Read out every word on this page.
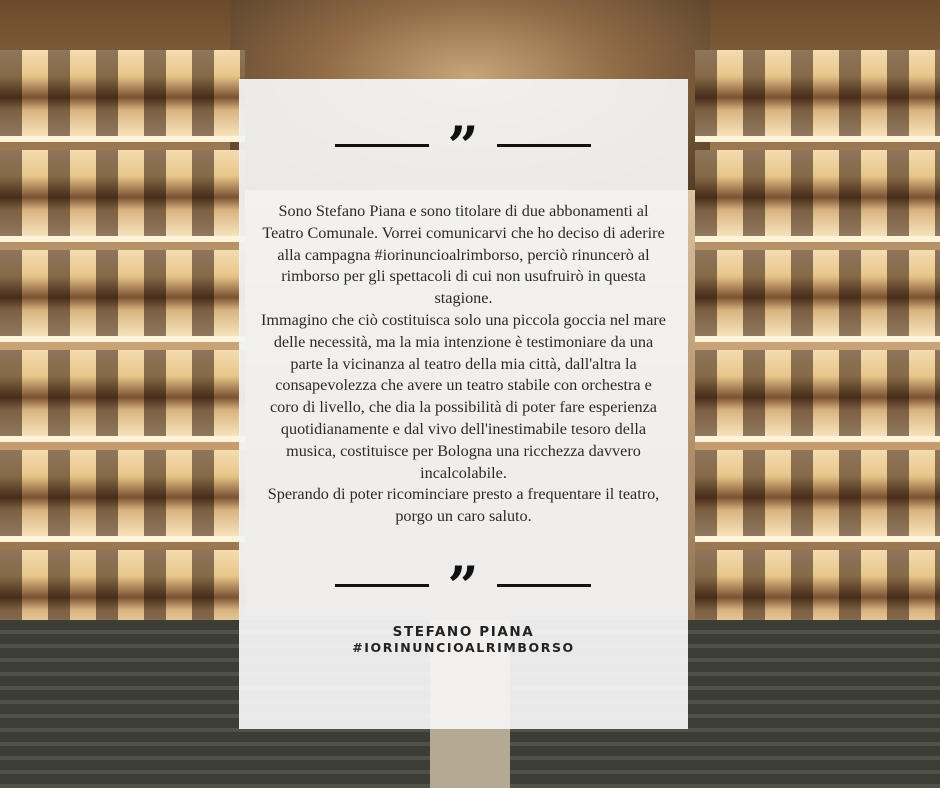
”

Sono Stefano Piana e sono titolare di due abbonamenti al Teatro Comunale. Vorrei comunicarvi che ho deciso di aderire alla campagna #iorinuncioalrimborso, perciò rinuncerò al rimborso per gli spettacoli di cui non usufruirò in questa stagione.

Immagino che ciò costituisca solo una piccola goccia nel mare delle necessità, ma la mia intenzione è testimoniare da una parte la vicinanza al teatro della mia città, dall'altra la consapevolezza che avere un teatro stabile con orchestra e coro di livello, che dia la possibilità di poter fare esperienza quotidianamente e dal vivo dell'inestimabile tesoro della musica, costituisce per Bologna una ricchezza davvero incalcolabile.

Sperando di poter ricominciare presto a frequentare il teatro, porgo un caro saluto.

”
STEFANO PIANA
#IORINUNCIOALRIMBORSO
